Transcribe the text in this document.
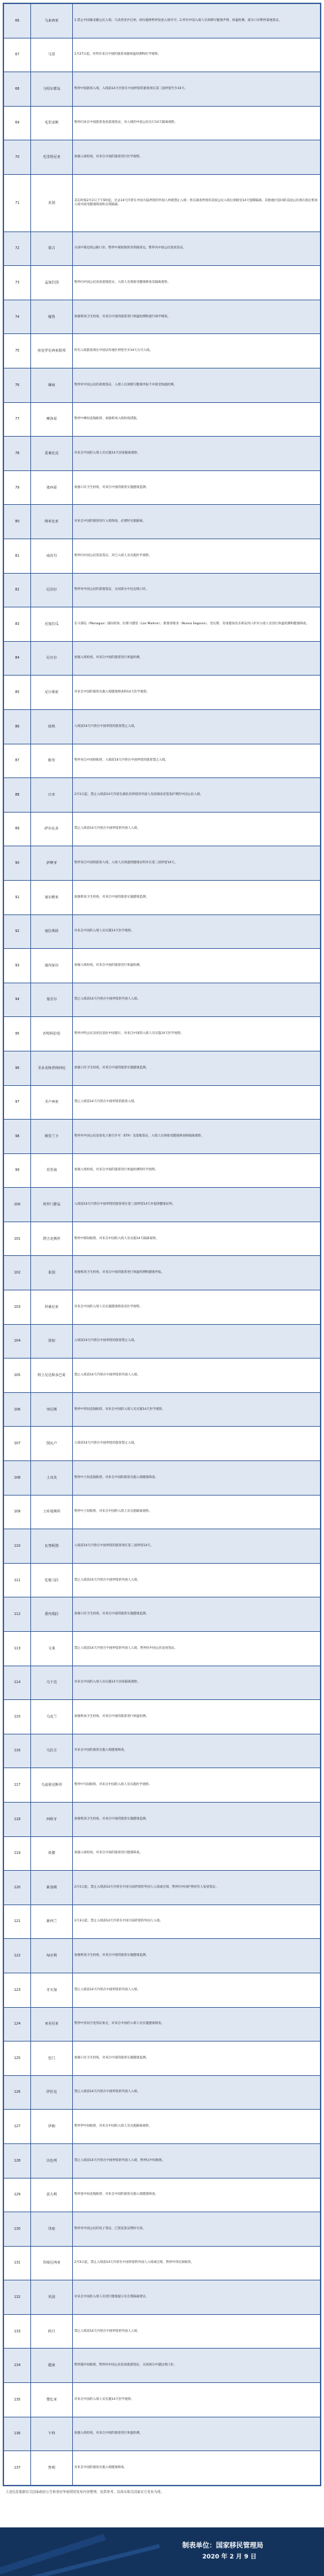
66	马来西亚	1.禁止中国湖北籍公民入境。马来西亚沙巴州、砂拉越州暂停发放入境许可；2.所有中国入境人员须填写健康声明，体温检测，部分口岸暂停落地签证。
67	马里	1月27日起，对所有来自中国的旅客加强体温检测和医学观察。
68	马绍尔群岛	暂停中国旅客入境，入境前14天内曾在中国停留的旅客须在第三国停留至少14天。
69	毛里求斯	暂停向来自中国旅客发放落地签证，对入境的中国公民实行14天隔离观察。
70	毛里塔尼亚	加强入境检疫，对来自中国的旅客进行医学观察。
71	美国	美东时间2月2日下午5时起，过去14天内曾在中国大陆停留的外国人将被禁止入境；曾在湖北停留的美国公民入境后须接受14天强制隔离，其他地区返回的美国公民须在指定机场入境并接受健康筛查和自我隔离。
72	蒙古	关闭中蒙边境公路口岸，暂停中蒙间航班及铁路客运，暂停向中国公民发放签证。
73	孟加拉国	暂停向中国公民发放落地签证，入境人员须接受健康筛查及隔离观察。
74	秘鲁	加强机场卫生检疫，对来自中国的旅客进行体温检测和流行病学调查。
75	密克罗尼西亚联邦	所有入境旅客须在中国以外地区停留至少14天方可入境。
76	缅甸	暂停对中国公民的落地签证，入境人员须填写健康申报卡并接受体温检测。
77	摩洛哥	暂停中摩间直航航班，加强机场入境检疫措施。
78	莫桑比克	对来自中国的入境人员实施14天居家隔离观察。
79	墨西哥	加强口岸卫生检疫，对来自中国的旅客实施健康监测。
80	纳米比亚	对来自中国的旅客进行入境筛查，必要时实施隔离。
81	南苏丹	暂停向中国公民签发签证，对已入境人员实施医学观察。
82	尼泊尔	暂停对中国公民的落地签证，关闭部分中尼边境口岸。
83	尼加拉瓜	在马那瓜（Managua）国际机场、拉斯马德里（Las Madres）、新塞哥维亚（Nueva Segovia）、里瓦斯、奇南德加及圣胡安河口岸对入境人员进行体温检测和健康筛查。
84	尼日尔	加强入境检疫，对来自中国的旅客进行体温检测。
85	尼日利亚	对来自中国的旅客实施入境健康筛查和14天医学观察。
86	纽埃	入境前14天内曾在中国停留的旅客禁止入境。
87	帕劳	暂停来自中国的航班，入境前14天内曾在中国停留的旅客禁止入境。
88	日本	2月1日起，禁止入境前14天内曾在湖北省停留的外国人及持湖北省签发护照的中国公民入境。
89	萨尔瓦多	禁止入境前14天内曾在中国停留的外国人入境。
90	萨摩亚	暂停来自中国的旅客入境，入境人员须提供健康证明并在第三国停留14天。
91	塞尔维亚	加强机场卫生检疫，对来自中国的旅客实施健康监测。
92	塞拉利昂	对来自中国的入境人员实施14天医学观察。
93	塞内加尔	加强入境检疫，对来自中国的旅客进行体温检测。
94	塞舌尔	禁止入境前14天内曾在中国停留的外国人入境。
95	沙特阿拉伯	暂停沙特公民及居民前往中国旅行，对来自中国的入境人员实施14天医学观察。
96	圣多美和普林西比	加强口岸卫生检疫，对来自中国的旅客实施健康监测。
97	圣卢西亚	禁止入境前14天内曾在中国停留的旅客入境。
98	斯里兰卡	暂停对中国公民发放电子旅行许可（ETA）及落地签证，入境人员须接受健康筛查和隔离观察。
99	苏里南	加强入境检疫，对来自中国的旅客进行体温检测和医学观察。
100	所罗门群岛	入境前14天内曾在中国停留的旅客须在第三国停留14天并提供健康证明。
101	塔吉克斯坦	暂停中塔间航班，对来自中国的入境人员实施14天隔离观察。
102	泰国	加强机场卫生检疫，对来自中国的旅客进行体温检测和健康申报。
103	坦桑尼亚	对来自中国的入境人员实施健康筛查及医学观察。
104	汤加	入境前14天内曾在中国停留的旅客禁止入境。
105	特立尼达和多巴哥	禁止入境前14天内曾在中国停留的外国人入境。
106	突尼斯	暂停中突间直航航班，对来自中国的入境人员实施14天医学观察。
107	图瓦卢	入境前14天内曾在中国停留的旅客禁止入境。
108	土耳其	暂停中土间直航航班，对来自中国的旅客实施入境健康筛查。
109	土库曼斯坦	暂停中土间航班，对来自中国的入境人员实施隔离观察。
110	瓦努阿图	入境前14天内曾在中国停留的旅客须在第三国停留14天。
111	危地马拉	禁止入境前14天内曾在中国停留的外国人入境。
112	委内瑞拉	加强口岸卫生检疫，对来自中国的旅客实施健康监测。
113	文莱	禁止入境前14天内曾在中国停留的外国人入境，暂停向中国公民发放签证。
114	乌干达	对来自中国的入境人员实施14天居家隔离观察。
115	乌克兰	加强机场卫生检疫，对来自中国的旅客进行体温检测。
116	乌拉圭	对来自中国的旅客实施入境健康筛查。
117	乌兹别克斯坦	暂停中乌间航班，对来自中国的入境人员实施医学观察。
118	西班牙	加强机场卫生检疫，对来自中国的旅客实施健康监测。
119	希腊	加强入境检疫，对来自中国的旅客进行健康筛查。
120	新加坡	2月1日起，禁止入境前14天内曾在中国大陆停留的外国人入境或过境，暂停向中国护照持有人发放签证。
121	新西兰	2月3日起，禁止入境前14天内曾在中国大陆停留的外国人入境。
122	匈牙利	加强机场卫生检疫，对来自中国的旅客实施健康监测。
123	牙买加	禁止入境前14天内曾在中国停留的外国人入境。
124	亚美尼亚	暂停中亚间互免签证协定，对来自中国的入境人员实施健康筛查。
125	也门	加强口岸卫生检疫，对来自中国的旅客实施健康监测。
126	伊拉克	禁止入境前14天内曾在中国停留的外国人入境。
127	伊朗	暂停伊中间航班，对来自中国的入境人员实施隔离观察。
128	以色列	禁止入境前14天内曾在中国停留的外国人入境，暂停以中间航班。
129	意大利	暂停意中间直航航班，对来自中国的旅客实施入境健康筛查。
130	印度	暂停对中国公民的电子签证，已签发签证暂时失效。
131	印度尼西亚	2月5日起，禁止入境前14天内曾在中国停留的外国人入境或过境，暂停中印尼间航班。
132	英国	对来自中国的入境人员进行健康提示及自我隔离建议。
133	约旦	禁止入境前14天内曾在中国停留的外国人入境。
134	越南	暂停越中间航班，暂停向中国公民发放旅游签证，关闭部分中越边境口岸。
135	赞比亚	对来自中国的入境人员实施14天医学观察。
136	乍得	加强入境检疫，对来自中国的旅客进行体温检测。
137	智利	对来自中国的旅客实施入境健康筛查。
上述信息根据有关国家政府公告和各驻华使领馆发布内容整理，仅供参考。具体以相关国家官方发布为准。
制表单位：国家移民管理局
2020 年 2 月 9 日
